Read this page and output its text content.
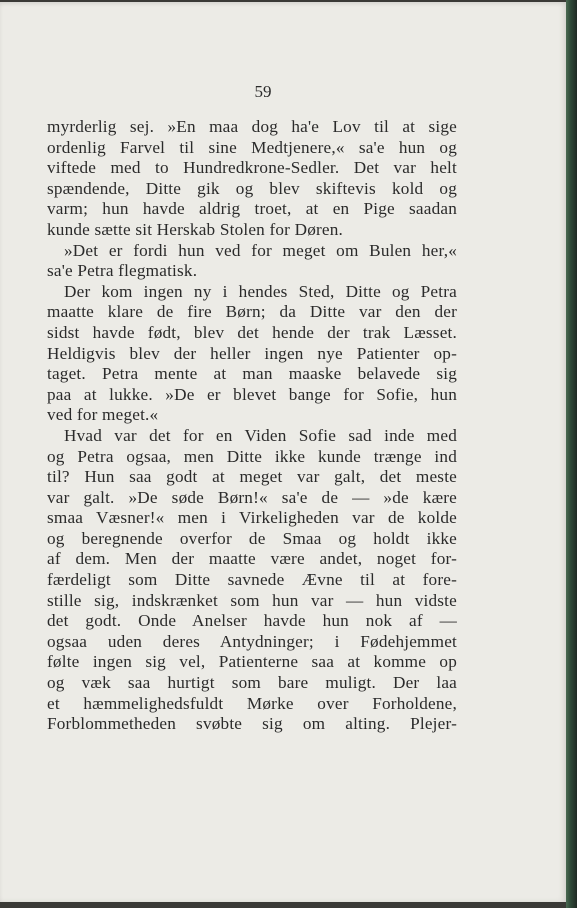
59
myrderlig sej. »En maa dog ha'e Lov til at sige
ordenlig Farvel til sine Medtjenere,« sa'e hun og
viftede med to Hundredkrone-Sedler. Det var helt
spændende, Ditte gik og blev skiftevis kold og
varm; hun havde aldrig troet, at en Pige saadan
kunde sætte sit Herskab Stolen for Døren.
»Det er fordi hun ved for meget om Bulen her,«
sa'e Petra flegmatisk.
Der kom ingen ny i hendes Sted, Ditte og Petra
maatte klare de fire Børn; da Ditte var den der
sidst havde født, blev det hende der trak Læsset.
Heldigvis blev der heller ingen nye Patienter op-
taget. Petra mente at man maaske belavede sig
paa at lukke. »De er blevet bange for Sofie, hun
ved for meget.«
Hvad var det for en Viden Sofie sad inde med
og Petra ogsaa, men Ditte ikke kunde trænge ind
til? Hun saa godt at meget var galt, det meste
var galt. »De søde Børn!« sa'e de — »de kære
smaa Væsner!« men i Virkeligheden var de kolde
og beregnende overfor de Smaa og holdt ikke
af dem. Men der maatte være andet, noget for-
færdeligt som Ditte savnede Ævne til at fore-
stille sig, indskrænket som hun var — hun vidste
det godt. Onde Anelser havde hun nok af —
ogsaa uden deres Antydninger; i Fødehjemmet
følte ingen sig vel, Patienterne saa at komme op
og væk saa hurtigt som bare muligt. Der laa
et hæmmelighedsfuldt Mørke over Forholdene,
Forblommetheden svøbte sig om alting. Plejer-
